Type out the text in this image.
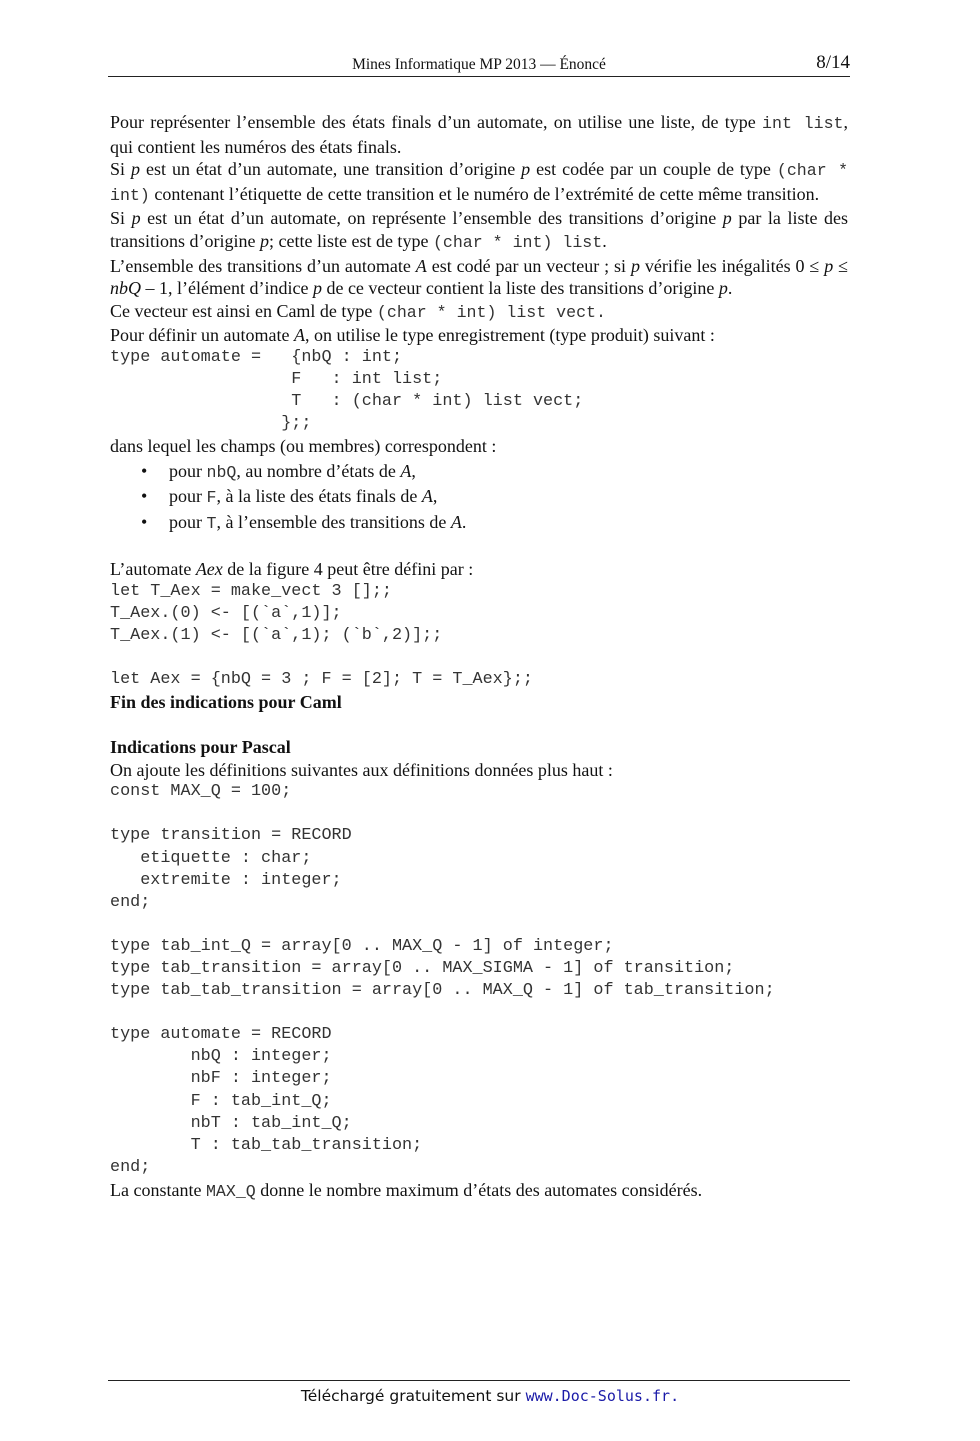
Mines Informatique MP 2013 — Énoncé	8/14

Pour représenter l’ensemble des états finals d’un automate, on utilise une liste, de type int list, qui contient les numéros des états finals.

Si p est un état d’un automate, une transition d’origine p est codée par un couple de type (char * int) contenant l’étiquette de cette transition et le numéro de l’extrémité de cette même transition.

Si p est un état d’un automate, on représente l’ensemble des transitions d’origine p par la liste des transitions d’origine p; cette liste est de type (char * int) list.

L’ensemble des transitions d’un automate A est codé par un vecteur ; si p vérifie les inégalités 0 ≤ p ≤ nbQ – 1, l’élément d’indice p de ce vecteur contient la liste des transitions d’origine p.

Ce vecteur est ainsi en Caml de type (char * int) list vect.

Pour définir un automate A, on utilise le type enregistrement (type produit) suivant :

type automate =   {nbQ : int;
F   : int list;
T   : (char * int) list vect;
};;

dans lequel les champs (ou membres) correspondent :

• pour nbQ, au nombre d’états de A,
• pour F, à la liste des états finals de A,
• pour T, à l’ensemble des transitions de A.

L’automate Aex de la figure 4 peut être défini par :

let T_Aex = make_vect 3 [];;
T_Aex.(0) <- [(`a`,1)];
T_Aex.(1) <- [(`a`,1); (`b`,2)];;

let Aex = {nbQ = 3 ; F = [2]; T = T_Aex};;

Fin des indications pour Caml

Indications pour Pascal

On ajoute les définitions suivantes aux définitions données plus haut :

const MAX_Q = 100;

type transition = RECORD
etiquette : char;
extremite : integer;
end;

type tab_int_Q = array[0 .. MAX_Q - 1] of integer;
type tab_transition = array[0 .. MAX_SIGMA - 1] of transition;
type tab_tab_transition = array[0 .. MAX_Q - 1] of tab_transition;

type automate = RECORD
nbQ : integer;
nbF : integer;
F : tab_int_Q;
nbT : tab_int_Q;
T : tab_tab_transition;
end;

La constante MAX_Q donne le nombre maximum d’états des automates considérés.

Téléchargé gratuitement sur www.Doc-Solus.fr.
